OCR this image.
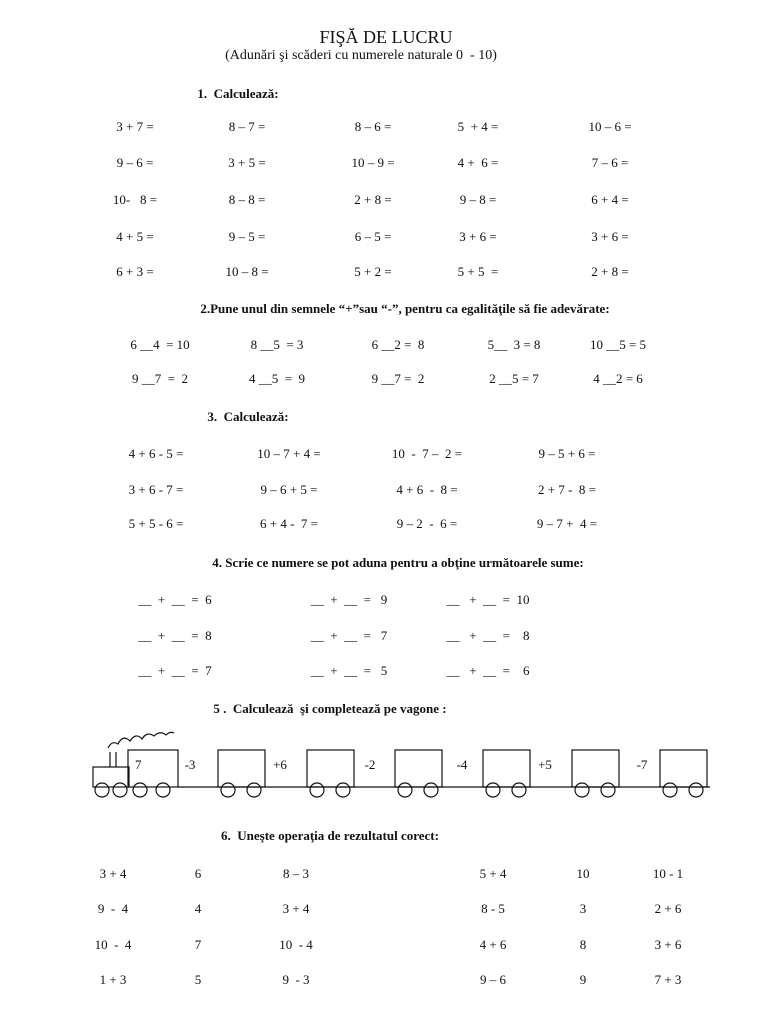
FIŞĂ DE LUCRU
(Adunări şi scăderi cu numerele naturale 0  - 10)
1.  Calculează:
3 + 7 =	8 – 7 =	8 – 6 =	5  + 4 =	10 – 6 =
9 – 6 =	3 + 5 =	10 – 9 =	4 +  6 =	7 – 6 =
10-   8 =	8 – 8 =	2 + 8 =	9 – 8 =	6 + 4 =
4 + 5 =	9 – 5 =	6 – 5 =	3 + 6 =	3 + 6 =
6 + 3 =	10 – 8 =	5 + 2 =	5 + 5  =	2 + 8 =
2.Pune unul din semnele “+”sau “-”, pentru ca egalităţile să fie adevărate:
6 __4  = 10	8 __5  = 3	6 __2 =  8	5__  3 = 8	10 __5 = 5
9 __7  =  2	4 __5  =  9	9 __7 =  2	2 __5 = 7	4 __2 = 6
3.  Calculează:
4 + 6 - 5 =	10 – 7 + 4 =	10  -  7 –  2 =	9 – 5 + 6 =
3 + 6 - 7 =	9 – 6 + 5 =	4 + 6  -  8 =	2 + 7 -  8 =
5 + 5 - 6 =	6 + 4 -  7 =	9 – 2  -  6 =	9 – 7 +  4 =
4. Scrie ce numere se pot aduna pentru a obţine următoarele sume:
__  +  __  =  6	__  +  __  =   9	__   +  __  =  10
__  +  __  =  8	__  +  __  =   7	__   +  __  =    8
__  +  __  =  7	__  +  __  =   5	__   +  __  =    6
5 .  Calculează  şi completează pe vagone :
7	-3	+6	-2	-4	+5	-7
6.  Uneşte operaţia de rezultatul corect:
3 + 4	6	8 – 3	5 + 4	10	10 - 1
9  -  4	4	3 + 4	8 - 5	3	2 + 6
10  -  4	7	10  - 4	4 + 6	8	3 + 6
1 + 3	5	9  - 3	9 – 6	9	7 + 3
